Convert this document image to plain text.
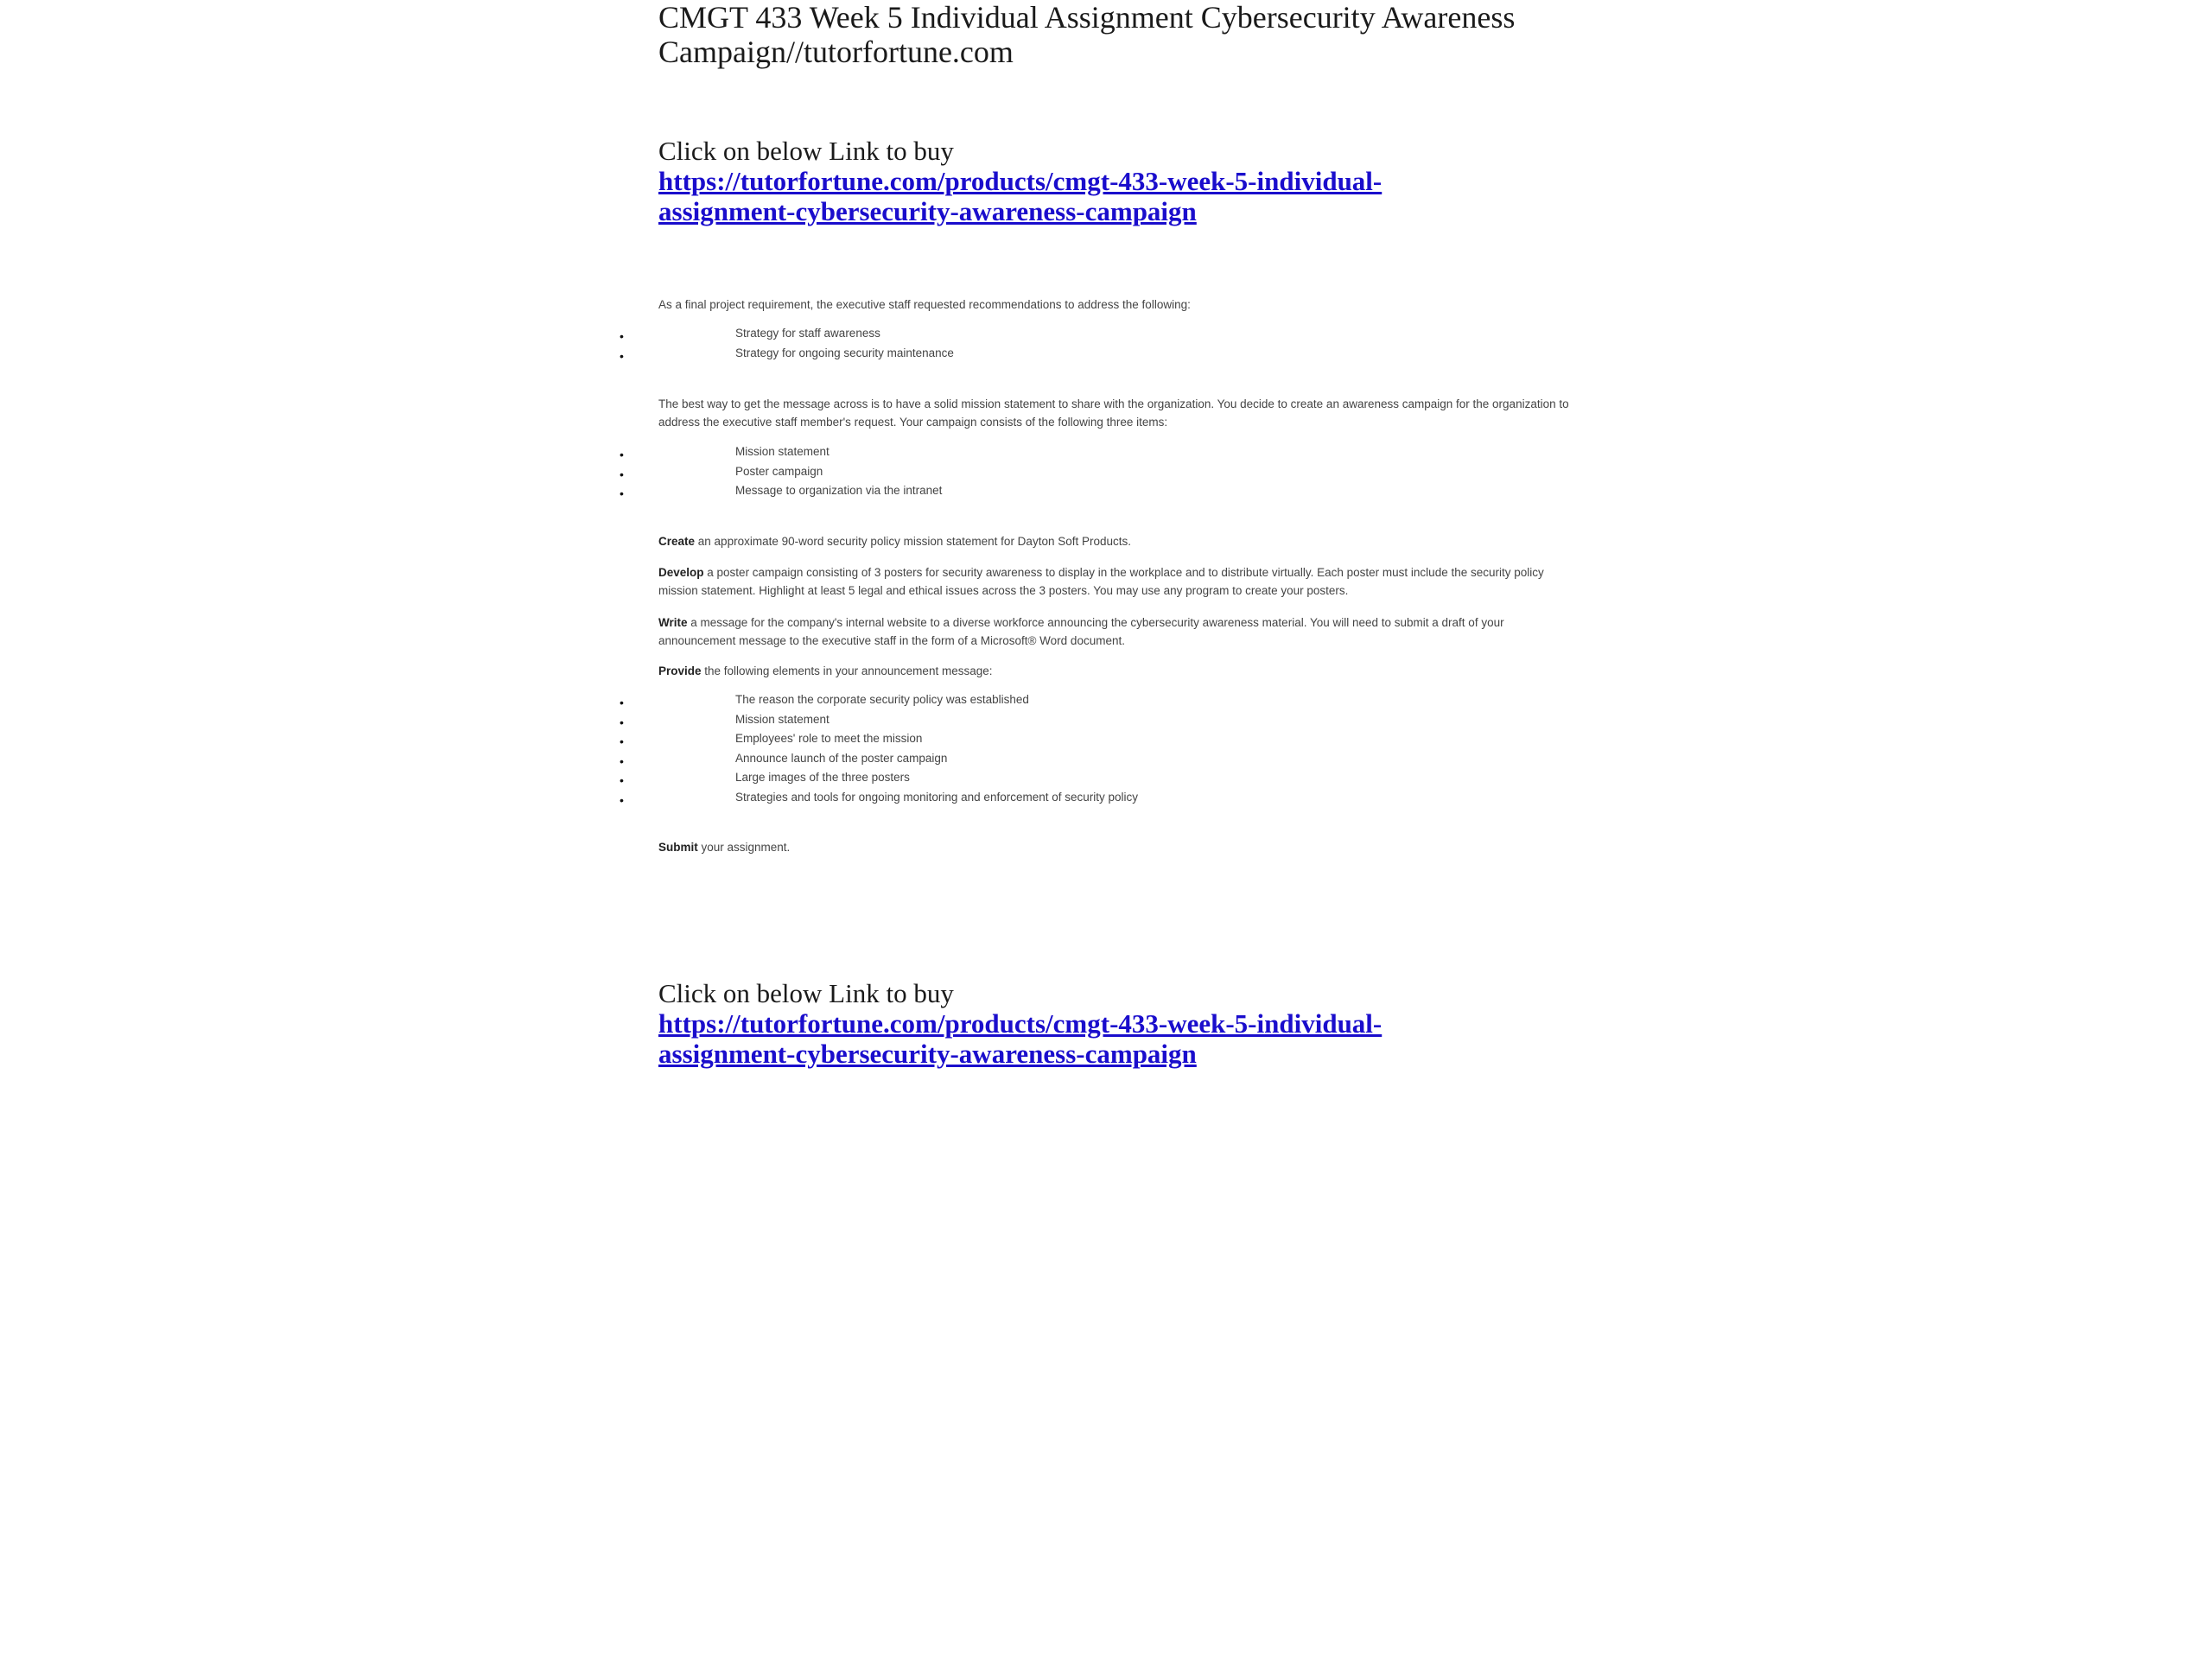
CMGT 433 Week 5 Individual Assignment Cybersecurity Awareness Campaign//tutorfortune.com
Click on below Link to buy
https://tutorfortune.com/products/cmgt-433-week-5-individual-assignment-cybersecurity-awareness-campaign
As a final project requirement, the executive staff requested recommendations to address the following:
•	Strategy for staff awareness
•	Strategy for ongoing security maintenance
The best way to get the message across is to have a solid mission statement to share with the organization. You decide to create an awareness campaign for the organization to address the executive staff member's request. Your campaign consists of the following three items:
•	Mission statement
•	Poster campaign
•	Message to organization via the intranet
Create an approximate 90-word security policy mission statement for Dayton Soft Products.
Develop a poster campaign consisting of 3 posters for security awareness to display in the workplace and to distribute virtually. Each poster must include the security policy mission statement. Highlight at least 5 legal and ethical issues across the 3 posters. You may use any program to create your posters.
Write a message for the company's internal website to a diverse workforce announcing the cybersecurity awareness material. You will need to submit a draft of your announcement message to the executive staff in the form of a Microsoft® Word document.
Provide the following elements in your announcement message:
•	The reason the corporate security policy was established
•	Mission statement
•	Employees' role to meet the mission
•	Announce launch of the poster campaign
•	Large images of the three posters
•	Strategies and tools for ongoing monitoring and enforcement of security policy
Submit your assignment.
Click on below Link to buy
https://tutorfortune.com/products/cmgt-433-week-5-individual-assignment-cybersecurity-awareness-campaign
